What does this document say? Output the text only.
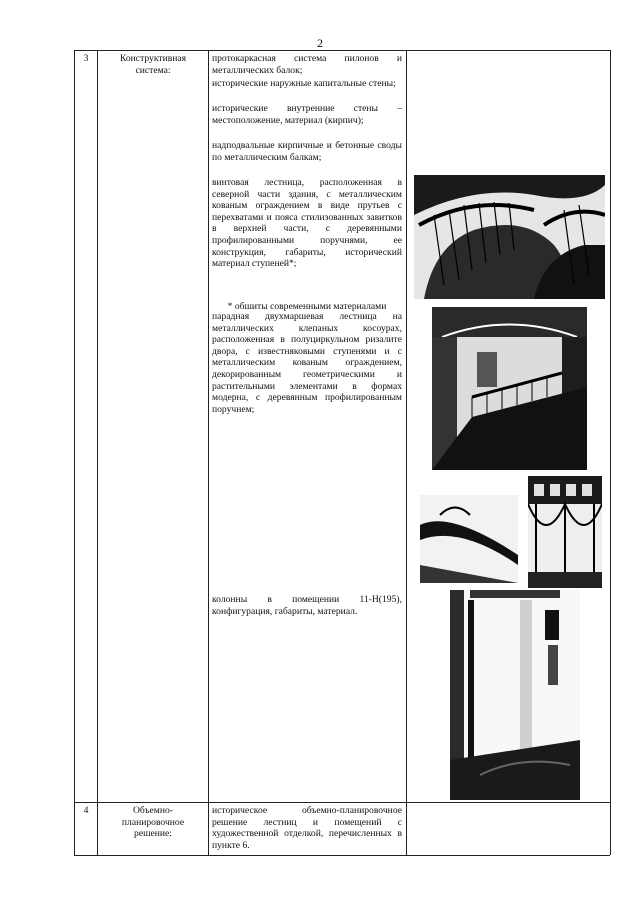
2
3	Конструктивная
система:

протокаркасная система пилонов и металлических балок;

исторические наружные капитальные стены;

исторические внутренние стены – местоположение, материал (кирпич);

надподвальные кирпичные и бетонные своды по металлическим балкам;

винтовая лестница, расположенная в северной части здания, с металлическим кованым ограждением в виде прутьев с перехватами и пояса стилизованных завитков в верхней части, с деревянными профилированными поручнями, ее конструкция, габариты, исторический материал ступеней*;

* обшиты современными материалами

парадная двухмаршевая лестница на металлических клепаных косоурах, расположенная в полуциркульном ризалите двора, с известняковыми ступенями и с металлическим кованым ограждением, декорированным геометрическими и растительными элементами в формах модерна, с деревянным профилированным поручнем;

колонны в помещении 11-Н(195), конфигурация, габариты, материал.

4	Объемно-
планировочное
решение:

историческое объемно-планировочное решение лестниц и помещений с художественной отделкой, перечисленных в пункте 6.
